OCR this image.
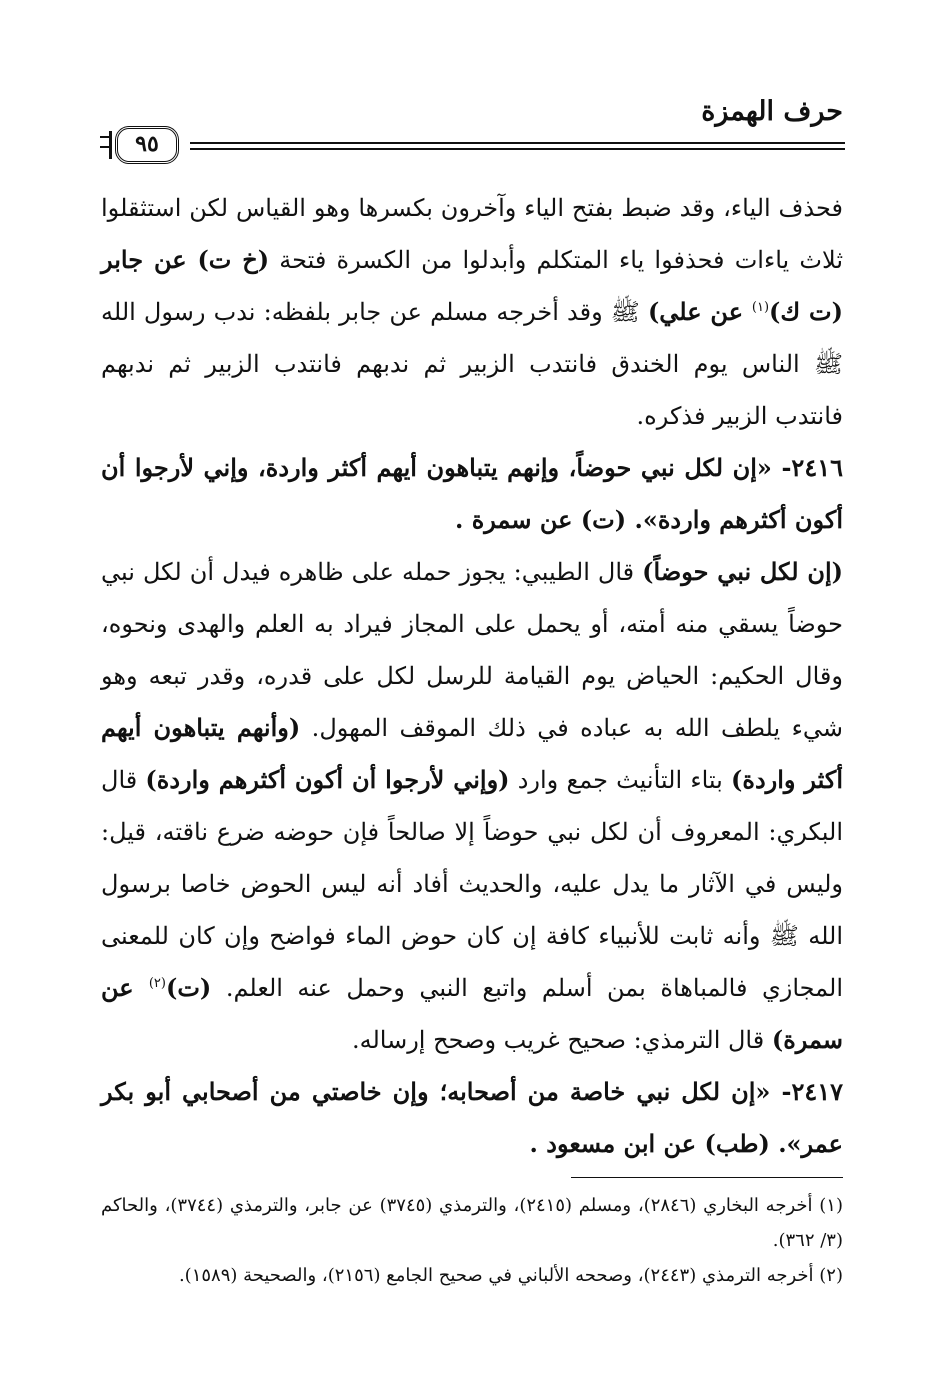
حرف الهمزة
٩٥

فحذف الياء، وقد ضبط بفتح الياء وآخرون بكسرها وهو القياس لكن استثقلوا ثلاث ياءات فحذفوا ياء المتكلم وأبدلوا من الكسرة فتحة (خ ت) عن جابر (ت ك)$^{(١)}$ عن علي) ﷺ وقد أخرجه مسلم عن جابر بلفظه: ندب رسول الله ﷺ الناس يوم الخندق فانتدب الزبير ثم ندبهم فانتدب الزبير ثم ندبهم فانتدب الزبير فذكره.

٢٤١٦- «إن لكل نبي حوضاً، وإنهم يتباهون أيهم أكثر واردة، وإني لأرجوا أن أكون أكثرهم واردة». (ت) عن سمرة .

(إن لكل نبي حوضاً) قال الطيبي: يجوز حمله على ظاهره فيدل أن لكل نبي حوضاً يسقي منه أمته، أو يحمل على المجاز فيراد به العلم والهدى ونحوه، وقال الحكيم: الحياض يوم القيامة للرسل لكل على قدره، وقدر تبعه وهو شيء يلطف الله به عباده في ذلك الموقف المهول. (وأنهم يتباهون أيهم أكثر واردة) بتاء التأنيث جمع وارد (وإني لأرجوا أن أكون أكثرهم واردة) قال البكري: المعروف أن لكل نبي حوضاً إلا صالحاً فإن حوضه ضرع ناقته، قيل: وليس في الآثار ما يدل عليه، والحديث أفاد أنه ليس الحوض خاصا برسول الله ﷺ وأنه ثابت للأنبياء كافة إن كان حوض الماء فواضح وإن كان للمعنى المجازي فالمباهاة بمن أسلم واتبع النبي وحمل عنه العلم. (ت)$^{(٢)}$ عن سمرة) قال الترمذي: صحيح غريب وصحح إرساله.

٢٤١٧- «إن لكل نبي خاصة من أصحابه؛ وإن خاصتي من أصحابي أبو بكر عمر». (طب) عن ابن مسعود .

(١) أخرجه البخاري (٢٨٤٦)، ومسلم (٢٤١٥)، والترمذي (٣٧٤٥) عن جابر، والترمذي (٣٧٤٤)، والحاكم (٣/ ٣٦٢).

(٢) أخرجه الترمذي (٢٤٤٣)، وصححه الألباني في صحيح الجامع (٢١٥٦)، والصحيحة (١٥٨٩).
